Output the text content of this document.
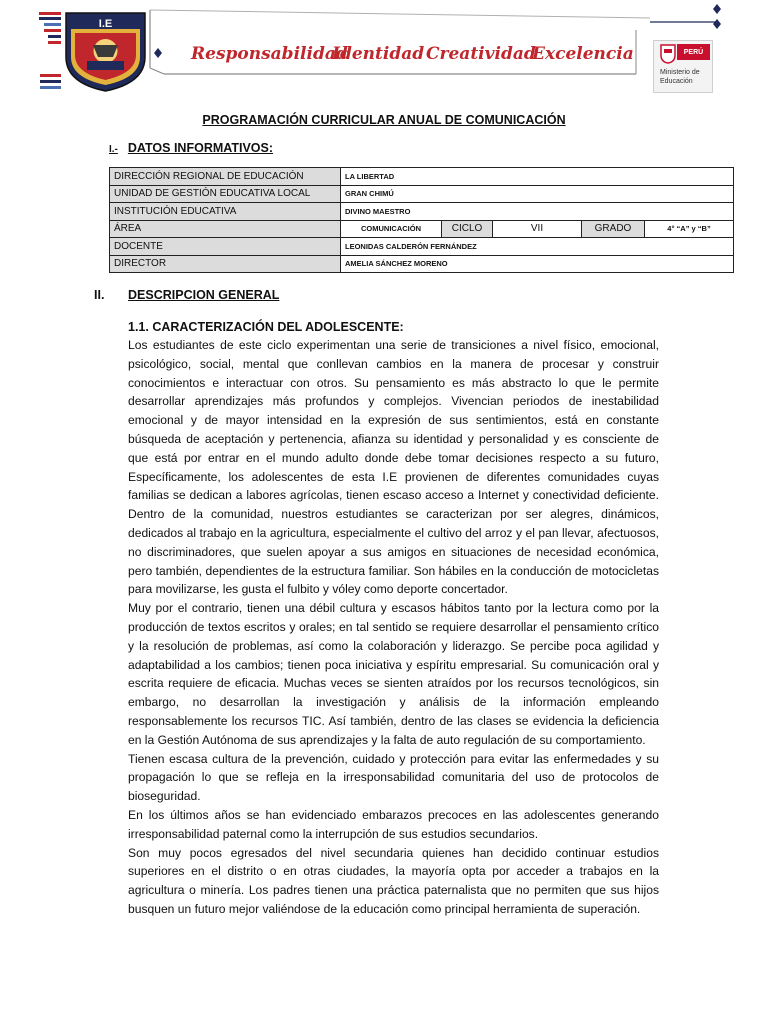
I.E
Responsabilidad
Identidad Creatividad
Excelencia	PERÚ
Ministerio de Educación
PROGRAMACIÓN CURRICULAR ANUAL DE COMUNICACIÓN
I.- DATOS INFORMATIVOS:
DIRECCIÓN REGIONAL DE EDUCACIÓN	LA LIBERTAD				
UNIDAD DE GESTIÓN EDUCATIVA LOCAL	GRAN CHIMÚ				
INSTITUCIÓN EDUCATIVA	DIVINO MAESTRO				
ÁREA	COMUNICACIÓN	CICLO	VII	GRADO	4° “A” y “B”
DOCENTE	LEONIDAS CALDERÓN FERNÁNDEZ				
DIRECTOR	AMELIA SÁNCHEZ MORENO				
II. DESCRIPCION GENERAL
1.1. CARACTERIZACIÓN DEL ADOLESCENTE:

Los estudiantes de este ciclo experimentan una serie de transiciones a nivel físico, emocional, psicológico, social, mental que conllevan cambios en la manera de procesar y construir conocimientos e interactuar con otros. Su pensamiento es más abstracto lo que le permite desarrollar aprendizajes más profundos y complejos. Vivencian periodos de inestabilidad emocional y de mayor intensidad en la expresión de sus sentimientos, está en constante búsqueda de aceptación y pertenencia, afianza su identidad y personalidad y es consciente de que está por entrar en el mundo adulto donde debe tomar decisiones respecto a su futuro, Específicamente, los adolescentes de esta I.E provienen de diferentes comunidades cuyas familias se dedican a labores agrícolas, tienen escaso acceso a Internet y conectividad deficiente. Dentro de la comunidad, nuestros estudiantes se caracterizan por ser alegres, dinámicos, dedicados al trabajo en la agricultura, especialmente el cultivo del arroz y el pan llevar, afectuosos, no discriminadores, que suelen apoyar a sus amigos en situaciones de necesidad económica, pero también, dependientes de la estructura familiar. Son hábiles en la conducción de motocicletas para movilizarse, les gusta el fulbito y vóley como deporte concertador.

Muy por el contrario, tienen una débil cultura y escasos hábitos tanto por la lectura como por la producción de textos escritos y orales; en tal sentido se requiere desarrollar el pensamiento crítico y la resolución de problemas, así como la colaboración y liderazgo. Se percibe poca agilidad y adaptabilidad a los cambios; tienen poca iniciativa y espíritu empresarial. Su comunicación oral y escrita requiere de eficacia. Muchas veces se sienten atraídos por los recursos tecnológicos, sin embargo, no desarrollan la investigación y análisis de la información empleando responsablemente los recursos TIC. Así también, dentro de las clases se evidencia la deficiencia en la Gestión Autónoma de sus aprendizajes y la falta de auto regulación de su comportamiento.

Tienen escasa cultura de la prevención, cuidado y protección para evitar las enfermedades y su propagación lo que se refleja en la irresponsabilidad comunitaria del uso de protocolos de bioseguridad.

En los últimos años se han evidenciado embarazos precoces en las adolescentes generando irresponsabilidad paternal como la interrupción de sus estudios secundarios.

Son muy pocos egresados del nivel secundaria quienes han decidido continuar estudios superiores en el distrito o en otras ciudades, la mayoría opta por acceder a trabajos en la agricultura o minería. Los padres tienen una práctica paternalista que no permiten que sus hijos busquen un futuro mejor valiéndose de la educación como principal herramienta de superación.
